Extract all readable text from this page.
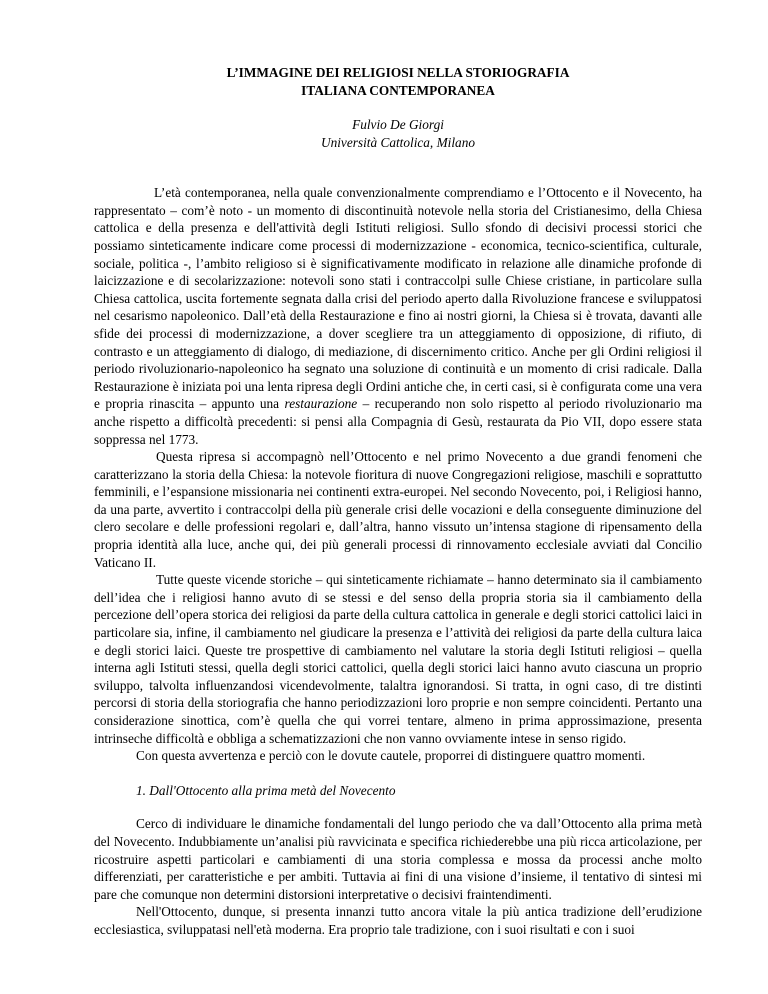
L’IMMAGINE DEI RELIGIOSI NELLA STORIOGRAFIA

ITALIANA CONTEMPORANEA

Fulvio De Giorgi
Università Cattolica, Milano

L’età contemporanea, nella quale convenzionalmente comprendiamo e l’Ottocento e il Novecento, ha rappresentato – com’è noto - un momento di discontinuità notevole nella storia del Cristianesimo, della Chiesa cattolica e della presenza e dell'attività degli Istituti religiosi. Sullo sfondo di decisivi processi storici che possiamo sinteticamente indicare come processi di modernizzazione - economica, tecnico-scientifica, culturale, sociale, politica -, l’ambito religioso si è significativamente modificato in relazione alle dinamiche profonde di laicizzazione e di secolarizzazione: notevoli sono stati i contraccolpi sulle Chiese cristiane, in particolare sulla Chiesa cattolica, uscita fortemente segnata dalla crisi del periodo aperto dalla Rivoluzione francese e sviluppatosi nel cesarismo napoleonico. Dall’età della Restaurazione e fino ai nostri giorni, la Chiesa si è trovata, davanti alle sfide dei processi di modernizzazione, a dover scegliere tra un atteggiamento di opposizione, di rifiuto, di contrasto e un atteggiamento di dialogo, di mediazione, di discernimento critico. Anche per gli Ordini religiosi il periodo rivoluzionario-napoleonico ha segnato una soluzione di continuità e un momento di crisi radicale. Dalla Restaurazione è iniziata poi una lenta ripresa degli Ordini antiche che, in certi casi, si è configurata come una vera e propria rinascita – appunto una restaurazione – recuperando non solo rispetto al periodo rivoluzionario ma anche rispetto a difficoltà precedenti: si pensi alla Compagnia di Gesù, restaurata da Pio VII, dopo essere stata soppressa nel 1773.

Questa ripresa si accompagnò nell’Ottocento e nel primo Novecento a due grandi fenomeni che caratterizzano la storia della Chiesa: la notevole fioritura di nuove Congregazioni religiose, maschili e soprattutto femminili, e l’espansione missionaria nei continenti extra-europei. Nel secondo Novecento, poi, i Religiosi hanno, da una parte, avvertito i contraccolpi della più generale crisi delle vocazioni e della conseguente diminuzione del clero secolare e delle professioni regolari e, dall’altra, hanno vissuto un’intensa stagione di ripensamento della propria identità alla luce, anche qui, dei più generali processi di rinnovamento ecclesiale avviati dal Concilio Vaticano II.

Tutte queste vicende storiche – qui sinteticamente richiamate – hanno determinato sia il cambiamento dell’idea che i religiosi hanno avuto di se stessi e del senso della propria storia sia il cambiamento della percezione dell’opera storica dei religiosi da parte della cultura cattolica in generale e degli storici cattolici laici in particolare sia, infine, il cambiamento nel giudicare la presenza e l’attività dei religiosi da parte della cultura laica e degli storici laici. Queste tre prospettive di cambiamento nel valutare la storia degli Istituti religiosi – quella interna agli Istituti stessi, quella degli storici cattolici, quella degli storici laici hanno avuto ciascuna un proprio sviluppo, talvolta influenzandosi vicendevolmente, talaltra ignorandosi. Si tratta, in ogni caso, di tre distinti percorsi di storia della storiografia che hanno periodizzazioni loro proprie e non sempre coincidenti. Pertanto una considerazione sinottica, com’è quella che qui vorrei tentare, almeno in prima approssimazione, presenta intrinseche difficoltà e obbliga a schematizzazioni che non vanno ovviamente intese in senso rigido.

Con questa avvertenza e perciò con le dovute cautele, proporrei di distinguere quattro momenti.

1. Dall'Ottocento alla prima metà del Novecento

Cerco di individuare le dinamiche fondamentali del lungo periodo che va dall’Ottocento alla prima metà del Novecento. Indubbiamente un’analisi più ravvicinata e specifica richiederebbe una più ricca articolazione, per ricostruire aspetti particolari e cambiamenti di una storia complessa e mossa da processi anche molto differenziati, per caratteristiche e per ambiti. Tuttavia ai fini di una visione d’insieme, il tentativo di sintesi mi pare che comunque non determini distorsioni interpretative o decisivi fraintendimenti.

Nell'Ottocento, dunque, si presenta innanzi tutto ancora vitale la più antica tradizione dell’erudizione ecclesiastica, sviluppatasi nell'età moderna. Era proprio tale tradizione, con i suoi risultati e con i suoi
